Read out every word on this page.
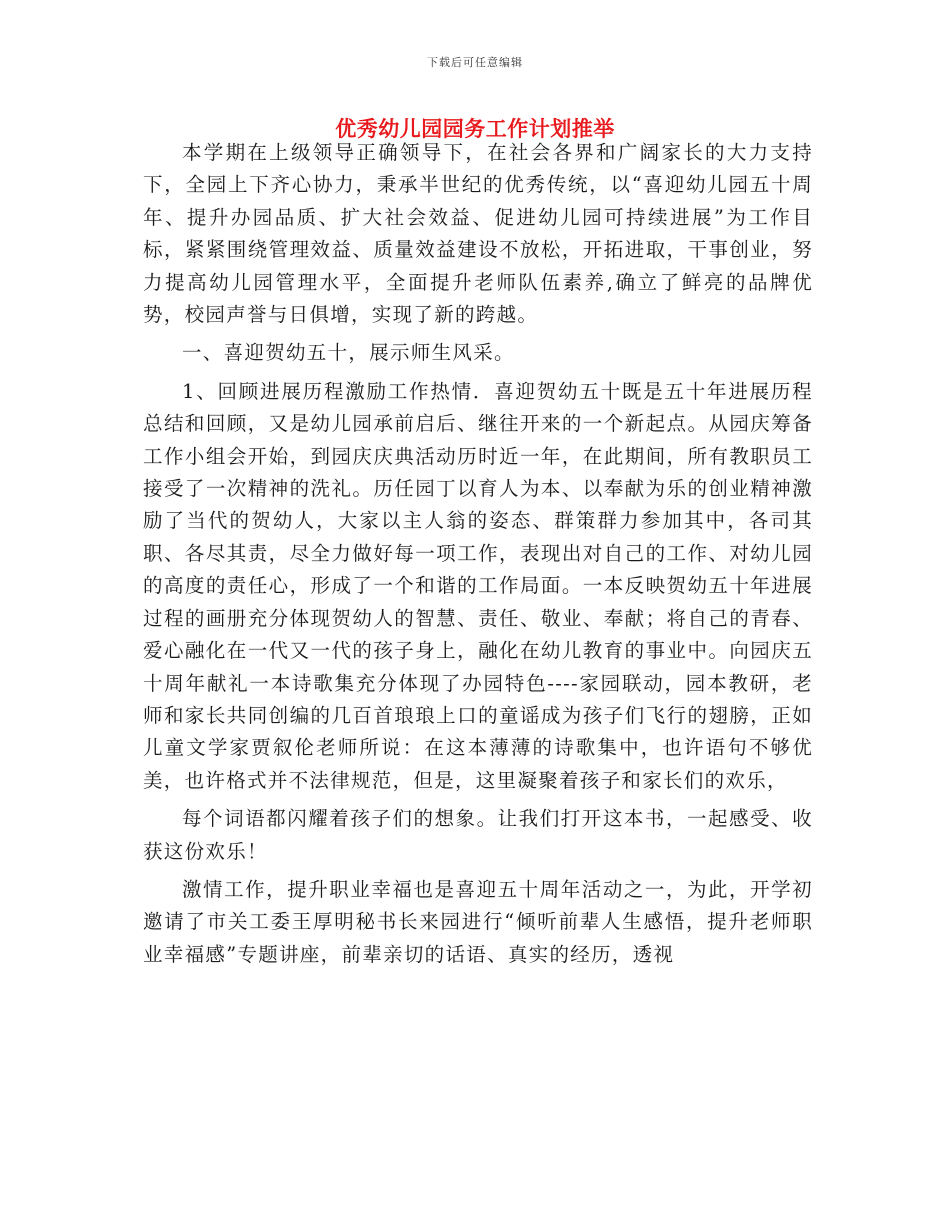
下载后可任意编辑
优秀幼儿园园务工作计划推举

本学期在上级领导正确领导下，在社会各界和广阔家长的大力支持下，全园上下齐心协力，秉承半世纪的优秀传统，以“喜迎幼儿园五十周年、提升办园品质、扩大社会效益、促进幼儿园可持续进展”为工作目标，紧紧围绕管理效益、质量效益建设不放松，开拓进取，干事创业，努力提高幼儿园管理水平，全面提升老师队伍素养,确立了鲜亮的品牌优势，校园声誉与日俱增，实现了新的跨越。

一、喜迎贺幼五十，展示师生风采。

1、回顾进展历程激励工作热情．喜迎贺幼五十既是五十年进展历程总结和回顾，又是幼儿园承前启后、继往开来的一个新起点。从园庆筹备工作小组会开始，到园庆庆典活动历时近一年，在此期间，所有教职员工接受了一次精神的洗礼。历任园丁以育人为本、以奉献为乐的创业精神激励了当代的贺幼人，大家以主人翁的姿态、群策群力参加其中，各司其职、各尽其责，尽全力做好每一项工作，表现出对自己的工作、对幼儿园的高度的责任心，形成了一个和谐的工作局面。一本反映贺幼五十年进展过程的画册充分体现贺幼人的智慧、责任、敬业、奉献；将自己的青春、爱心融化在一代又一代的孩子身上，融化在幼儿教育的事业中。向园庆五十周年献礼一本诗歌集充分体现了办园特色----家园联动，园本教研，老师和家长共同创编的几百首琅琅上口的童谣成为孩子们飞行的翅膀，正如儿童文学家贾叙伦老师所说：在这本薄薄的诗歌集中，也许语句不够优美，也许格式并不法律规范，但是，这里凝聚着孩子和家长们的欢乐，

每个词语都闪耀着孩子们的想象。让我们打开这本书，一起感受、收获这份欢乐！

激情工作，提升职业幸福也是喜迎五十周年活动之一，为此，开学初邀请了市关工委王厚明秘书长来园进行“倾听前辈人生感悟，提升老师职业幸福感”专题讲座，前辈亲切的话语、真实的经历，透视
